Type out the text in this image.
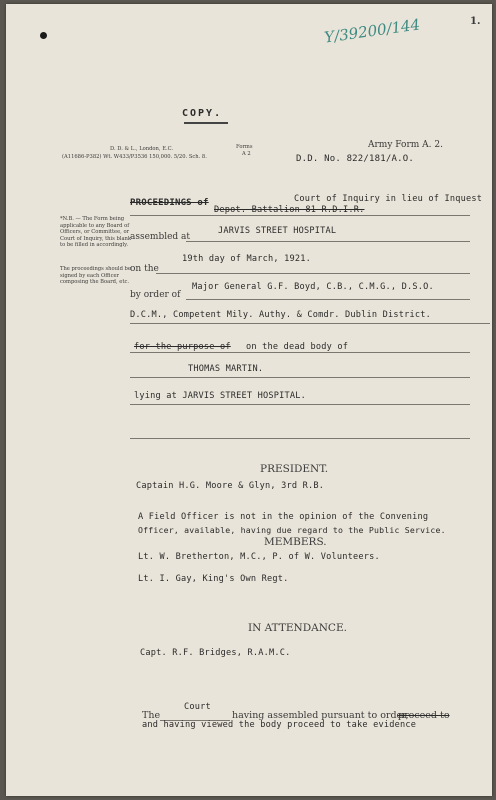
1.
Y/39200/144
COPY.
D. D. & L., London, E.C.
(A11686-P382) Wt. W433/P3536 150,000. 5/20. Sch. 8.
Forms
A 2
Army Form A. 2.
D.D. No. 822/181/A.O.
*N.B. — The Form being applicable to any Board of Officers, or Committee, or Court of Inquiry, this blank to be filled in accordingly.
The proceedings should be signed by each Officer composing the Board, etc.
PROCEEDINGS of	Court of Inquiry in lieu of Inquest
Depot. Battalion 81 R.D.I.R.
assembled at
JARVIS STREET HOSPITAL
19th day of March, 1921.
on the
Major General G.F. Boyd, C.B., C.M.G., D.S.O.
by order of
D.C.M., Competent Mily. Authy. & Comdr. Dublin District.
for the purpose of on the dead body of
THOMAS MARTIN.
lying at JARVIS STREET HOSPITAL.
PRESIDENT.
Captain H.G. Moore & Glyn, 3rd R.B.
A Field Officer is not in the opinion of the Convening
Officer, available, having due regard to the Public Service.
MEMBERS.
Lt. W. Bretherton, M.C., P. of W. Volunteers.
Lt. I. Gay, King's Own Regt.
IN ATTENDANCE.
Capt. R.F. Bridges, R.A.M.C.
Court
The	having assembled pursuant to order,
proceed to
and having viewed the body proceed to take evidence
